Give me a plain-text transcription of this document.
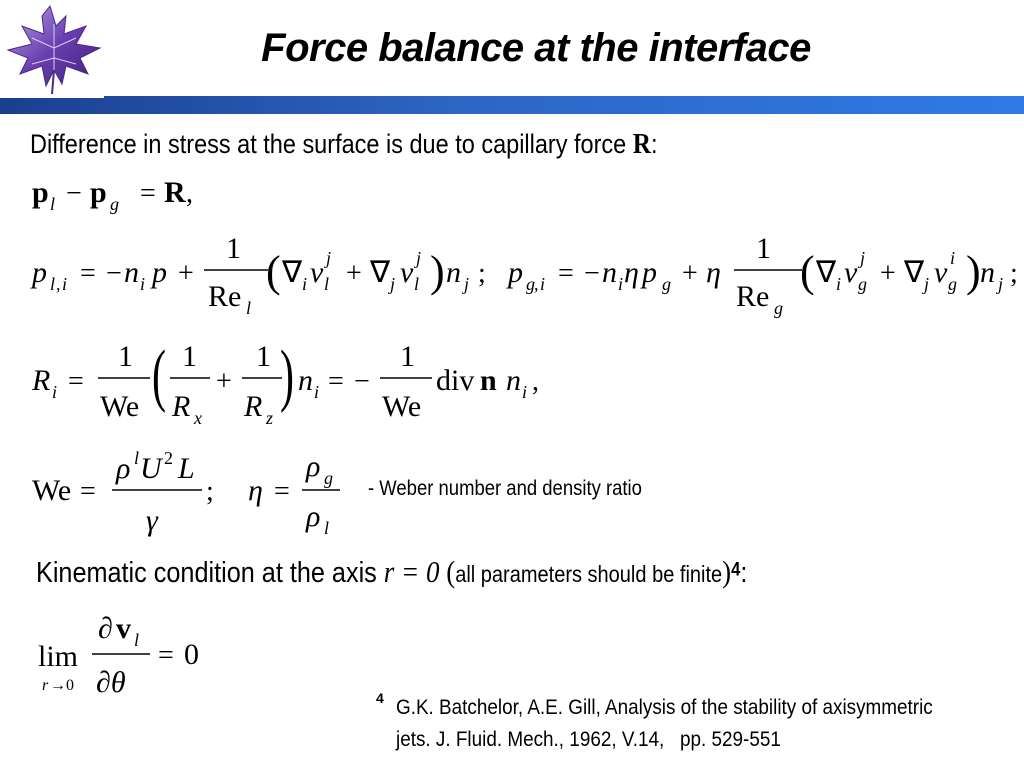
Force balance at the interface
Difference in stress at the surface is due to capillary force R:
p l − p g = R ,
p l , i = − n i p +
1
Re l
( ∇ i v j
l + ∇ j v j
l ) n j ; p g , i = − n i η p g + η
1
Re g
( ∇ i v j
g + ∇ j v i
g ) n j ;
R i =
1
We ( 1
R x
+
1
R z
) n i = −
1
We
div n n i ,
We =
ρ l U 2 L
γ
; η =
ρ g
ρ l
- Weber number and density ratio
Kinematic condition at the axis r = 0 (all parameters should be finite)$^4$:
lim
r → 0
∂ v l
∂θ
= 0
4 G.K. Batchelor, A.E. Gill, Analysis of the stability of axisymmetric
jets. J. Fluid. Mech., 1962, V.14,   pp. 529-551
